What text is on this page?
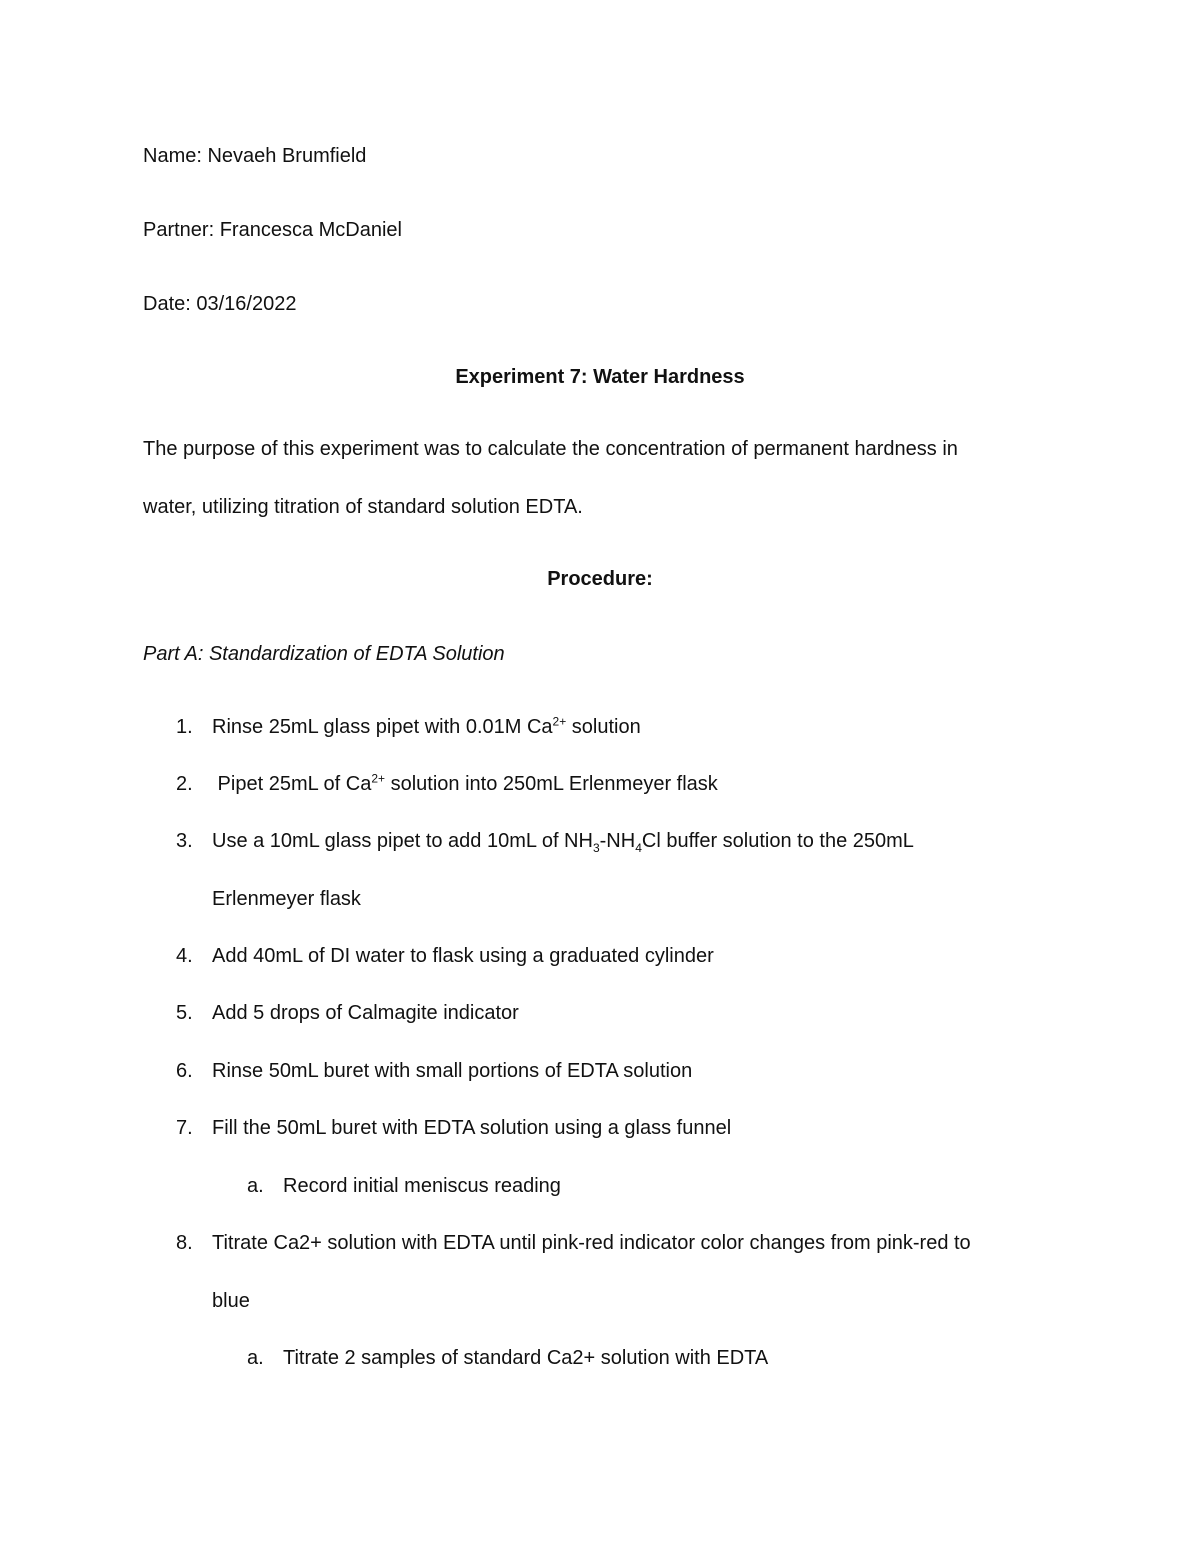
Name: Nevaeh Brumfield
Partner: Francesca McDaniel
Date: 03/16/2022
Experiment 7: Water Hardness
The purpose of this experiment was to calculate the concentration of permanent hardness in
water, utilizing titration of standard solution EDTA.
Procedure:
Part A: Standardization of EDTA Solution
1. Rinse 25mL glass pipet with 0.01M $Ca^{2+}$ solution
2. Pipet 25mL of $Ca^{2+}$ solution into 250mL Erlenmeyer flask
3. Use a 10mL glass pipet to add 10mL of $NH_3-NH_4Cl$ buffer solution to the 250mL
Erlenmeyer flask
4. Add 40mL of DI water to flask using a graduated cylinder
5. Add 5 drops of Calmagite indicator
6. Rinse 50mL buret with small portions of EDTA solution
7. Fill the 50mL buret with EDTA solution using a glass funnel
a. Record initial meniscus reading
8. Titrate Ca2+ solution with EDTA until pink-red indicator color changes from pink-red to
blue
a. Titrate 2 samples of standard Ca2+ solution with EDTA
